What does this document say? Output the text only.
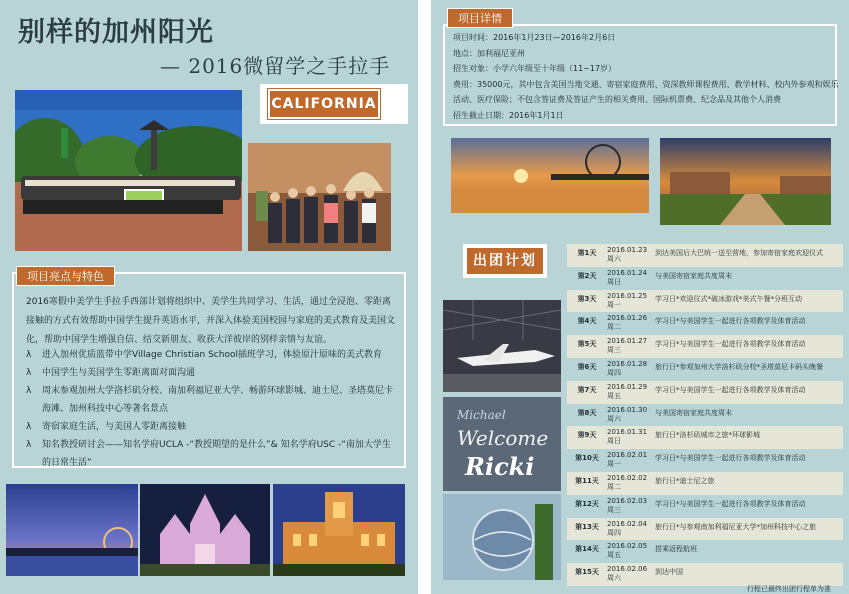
别样的加州阳光
— 2016微留学之手拉手
CALIFORNIA
项目亮点与特色
2016寒假中美学生手拉手西部计划将组织中、美学生共同学习、生活，通过全浸泡、零距离接触的方式有效帮助中国学生提升英语水平，并深入体验美国校园与家庭的美式教育及美国文化，帮助中国学生增强自信、结交新朋友、收获大洋彼岸的别样亲情与友谊。
λ 进入加州优质蓝带中学Village Christian School插班学习，体验原汁原味的美式教育
λ 中国学生与美国学生零距离面对面沟通
λ 周末参观加州大学洛杉矶分校、南加利福尼亚大学、畅游环球影城、迪士尼、圣塔莫尼卡海滩、加州科技中心等著名景点
λ 寄宿家庭生活，与美国人零距离接触
λ 知名教授研讨会——知名学府UCLA -“教授期望的是什么”& 知名学府USC -“南加大学生的日常生活”
项目详情
项目时间：2016年1月23日—2016年2月6日
地点：加利福尼亚州
招生对象：小学六年级至十年级（11~17岁）
费用：35000元，其中包含美国当地交通、寄宿家庭费用、资深教师课程费用、教学材料、校内外参观和娱乐
活动、医疗保险；不包含签证费及签证产生的相关费用、国际机票费、纪念品及其他个人消费
招生截止日期：2016年1月1日
出团计划
Michael
Welcome
Ricki
第1天	2016.01.23
周六
到达美国后大巴统一送至营地，参加寄宿家庭欢迎仪式
第2天	2016.01.24
周日
与美国寄宿家庭共度周末
第3天	2016.01.25
周一
学习日*欢迎仪式*破冰游戏*美式午餐*分班互动
第4天	2016.01.26
周二
学习日*与美国学生一起进行各项教学及体育活动
第5天	2016.01.27
周三
学习日*与美国学生一起进行各项教学及体育活动
第6天	2016.01.28
周四
旅行日*参观加州大学洛杉矶分校*圣塔莫尼卡码头晚餐
第7天	2016.01.29
周五
学习日*与美国学生一起进行各项教学及体育活动
第8天	2016.01.30
周六
与美国寄宿家庭共度周末
第9天	2016.01.31
周日
旅行日*洛杉矶城市之旅*环球影城
第10天	2016.02.01
周一
学习日*与美国学生一起进行各项教学及体育活动
第11天	2016.02.02
周二
旅行日*迪士尼之旅
第12天	2016.02.03
周三
学习日*与美国学生一起进行各项教学及体育活动
第13天	2016.02.04
周四
旅行日*与参观南加利福尼亚大学*加州科技中心之旅
第14天	2016.02.05
周五
搭乘返程航班
第15天	2016.02.06
周六
到达中国
行程已最终出团行程单为准
